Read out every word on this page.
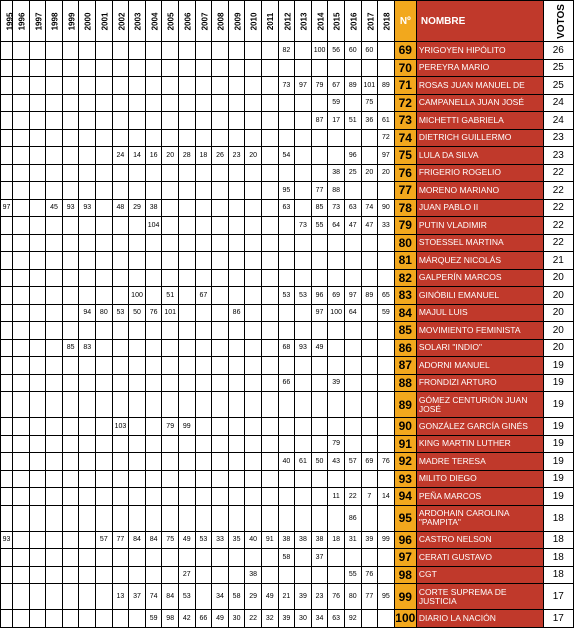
1995	1996	1997	1998	1999	2000	2001	2002	2003	2004	2005	2006	2007	2008	2009	2010	2011	2012	2013	2014	2015	2016	2017	2018	Nº	NOMBRE	VOTOS
																	82		100	56	60	60		69	YRIGOYEN HIPÓLITO	26
																								70	PEREYRA MARIO	25
																	73	97	79	67	89	101	89	71	ROSAS JUAN MANUEL DE	25
																				59		75		72	CAMPANELLA JUAN JOSÉ	24
																			87	17	51	36	61	73	MICHETTI GABRIELA	24
																							72	74	DIETRICH GUILLERMO	23
							24	14	16	20	28	18	26	23	20		54				96		97	75	LULA DA SILVA	23
																				38	25	20	20	76	FRIGERIO ROGELIO	22
																	95		77	88				77	MORENO MARIANO	22
97			45	93	93		48	29	38								63		85	73	63	74	90	78	JUAN PABLO II	22
									104									73	55	64	47	47	33	79	PUTIN VLADIMIR	22
																								80	STOESSEL MARTINA	22
																								81	MÁRQUEZ NICOLÁS	21
																								82	GALPERÍN MARCOS	20
								100		51		67					53	53	96	69	97	89	65	83	GINÓBILI EMANUEL	20
					94	80	53	50	76	101				86					97	100	64		59	84	MAJUL LUIS	20
																								85	MOVIMIENTO FEMINISTA	20
				85	83												68	93	49					86	SOLARI "INDIO"	20
																								87	ADORNI MANUEL	19
																	66			39				88	FRONDIZI ARTURO	19
																								89	GÓMEZ CENTURIÓN JUAN JOSÉ	19
							103			79	99													90	GONZÁLEZ GARCÍA GINÉS	19
																				79				91	KING MARTIN LUTHER	19
																	40	61	50	43	57	69	76	92	MADRE TERESA	19
																								93	MILITO DIEGO	19
																				11	22	7	14	94	PEÑA MARCOS	19
																					86			95	ARDOHAIN CAROLINA "PAMPITA"	18
93						57	77	84	84	75	49	53	33	35	40	91	38	38	38	18	31	39	99	96	CASTRO NELSON	18
																	58		37					97	CERATI GUSTAVO	18
											27				38						55	76		98	CGT	18
							13	37	74	84	53		34	58	29	49	21	39	23	76	80	77	95	99	CORTE SUPREMA DE JUSTICIA	17
									59	98	42	66	49	30	22	32	39	30	34	63	92			100	DIARIO LA NACIÓN	17
